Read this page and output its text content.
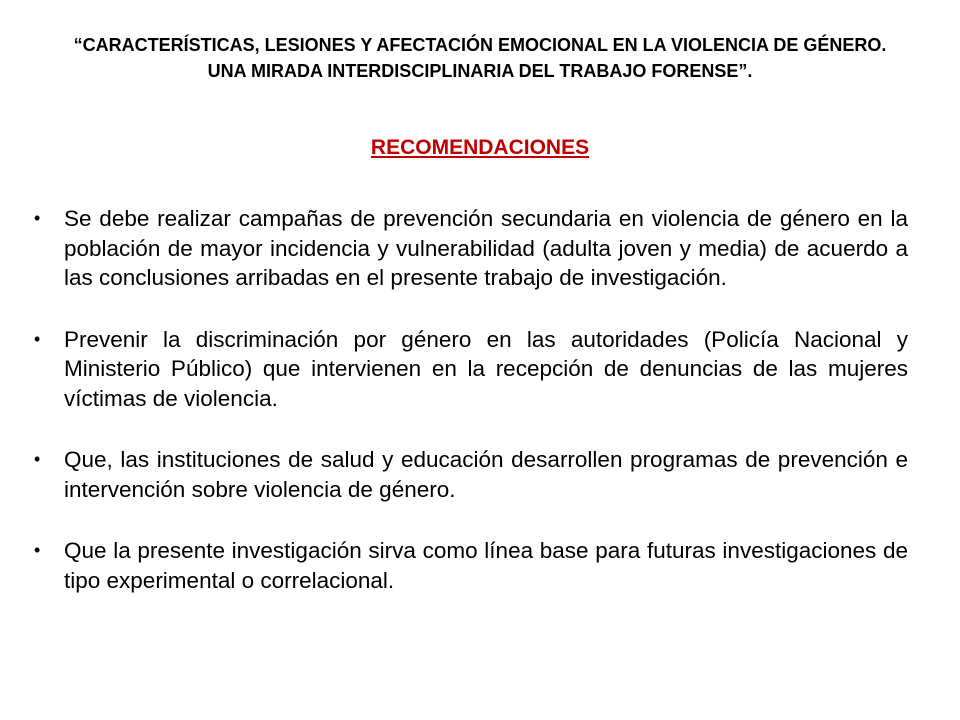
“CARACTERÍSTICAS, LESIONES Y AFECTACIÓN EMOCIONAL EN LA VIOLENCIA DE GÉNERO. UNA MIRADA INTERDISCIPLINARIA DEL TRABAJO FORENSE”.

RECOMENDACIONES

• Se debe realizar campañas de prevención secundaria en violencia de género en la población de mayor incidencia y vulnerabilidad (adulta joven y media) de acuerdo a las conclusiones arribadas en el presente trabajo de investigación.
• Prevenir la discriminación por género en las autoridades (Policía Nacional y Ministerio Público) que intervienen en la recepción de denuncias de las mujeres víctimas de violencia.
• Que, las instituciones de salud y educación desarrollen programas de prevención e intervención sobre violencia de género.
• Que la presente investigación sirva como línea base para futuras investigaciones de tipo experimental o correlacional.
